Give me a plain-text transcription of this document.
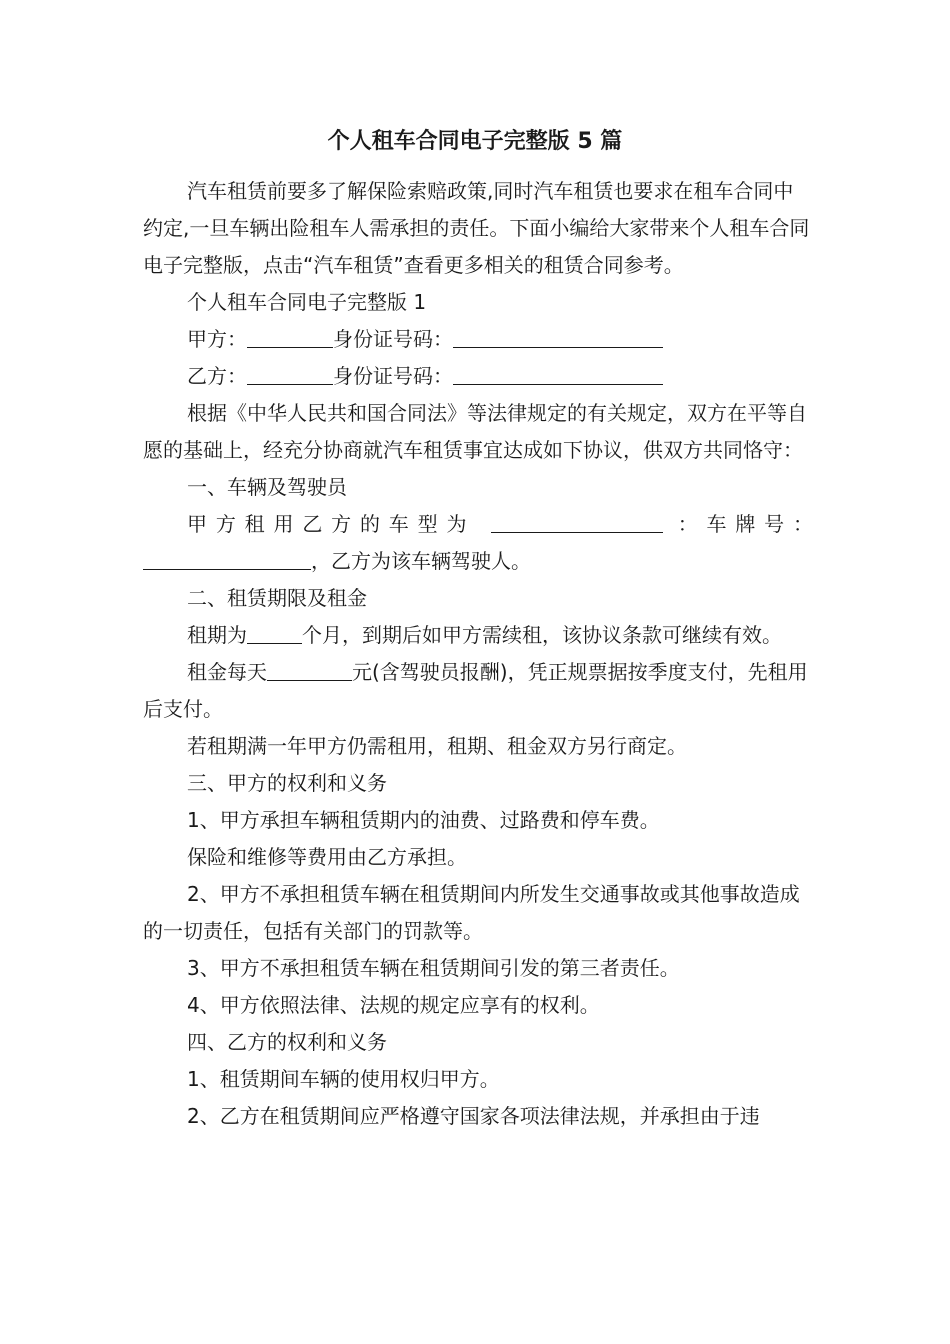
个人租车合同电子完整版 5 篇

汽车租赁前要多了解保险索赔政策,同时汽车租赁也要求在租车合同中约定,一旦车辆出险租车人需承担的责任。下面小编给大家带来个人租车合同电子完整版，点击“汽车租赁”查看更多相关的租赁合同参考。

个人租车合同电子完整版 1

甲方：	身份证号码：

乙方：	身份证号码：

根据《中华人民共和国合同法》等法律规定的有关规定，双方在平等自愿的基础上，经充分协商就汽车租赁事宜达成如下协议，供双方共同恪守：

一、车辆及驾驶员

甲方租用乙方的车型为	：车牌号：

，乙方为该车辆驾驶人。

二、租赁期限及租金

租期为	个月，到期后如甲方需续租，该协议条款可继续有效。

租金每天	元(含驾驶员报酬)，凭正规票据按季度支付，先租用后支付。

若租期满一年甲方仍需租用，租期、租金双方另行商定。

三、甲方的权利和义务

1、甲方承担车辆租赁期内的油费、过路费和停车费。

保险和维修等费用由乙方承担。

2、甲方不承担租赁车辆在租赁期间内所发生交通事故或其他事故造成的一切责任，包括有关部门的罚款等。

3、甲方不承担租赁车辆在租赁期间引发的第三者责任。

4、甲方依照法律、法规的规定应享有的权利。

四、乙方的权利和义务

1、租赁期间车辆的使用权归甲方。

2、乙方在租赁期间应严格遵守国家各项法律法规，并承担由于违
